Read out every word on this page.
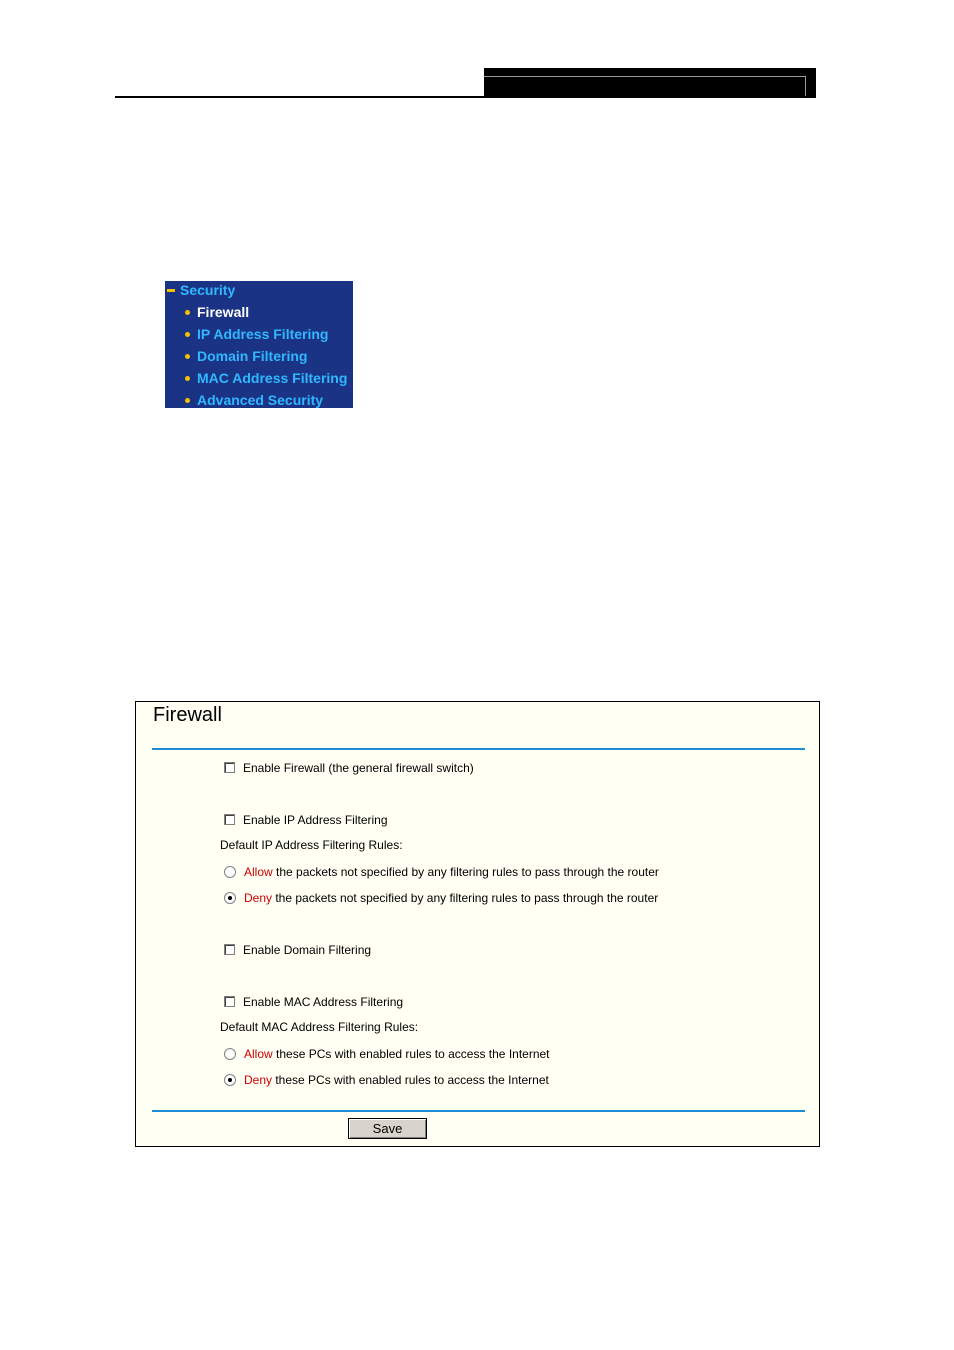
Security
Firewall
IP Address Filtering
Domain Filtering
MAC Address Filtering
Advanced Security
Firewall
Enable Firewall (the general firewall switch)
Enable IP Address Filtering
Default IP Address Filtering Rules:
Allow the packets not specified by any filtering rules to pass through the router
Deny the packets not specified by any filtering rules to pass through the router
Enable Domain Filtering
Enable MAC Address Filtering
Default MAC Address Filtering Rules:
Allow these PCs with enabled rules to access the Internet
Deny these PCs with enabled rules to access the Internet
Save
